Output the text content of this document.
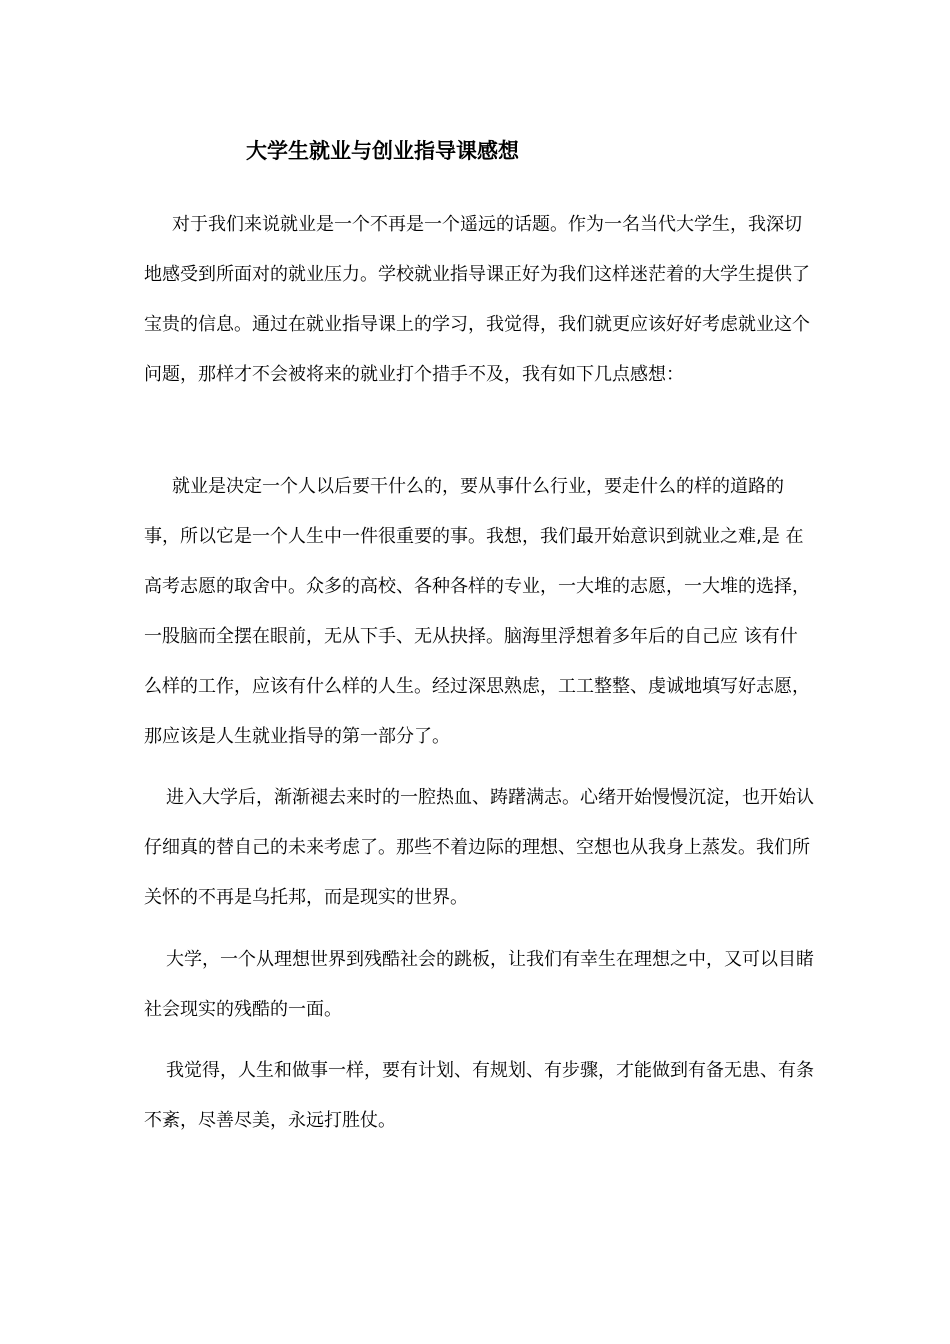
大学生就业与创业指导课感想

对于我们来说就业是一个不再是一个遥远的话题。作为一名当代大学生，我深切地感受到所面对的就业压力。学校就业指导课正好为我们这样迷茫着的大学生提供了宝贵的信息。通过在就业指导课上的学习，我觉得，我们就更应该好好考虑就业这个问题，那样才不会被将来的就业打个措手不及，我有如下几点感想：

就业是决定一个人以后要干什么的，要从事什么行业，要走什么的样的道路的事，所以它是一个人生中一件很重要的事。我想，我们最开始意识到就业之难,是 在高考志愿的取舍中。众多的高校、各种各样的专业，一大堆的志愿，一大堆的选择，一股脑而全摆在眼前，无从下手、无从抉择。脑海里浮想着多年后的自己应 该有什么样的工作，应该有什么样的人生。经过深思熟虑，工工整整、虔诚地填写好志愿，那应该是人生就业指导的第一部分了。

进入大学后，渐渐褪去来时的一腔热血、踌躇满志。心绪开始慢慢沉淀，也开始认仔细真的替自己的未来考虑了。那些不着边际的理想、空想也从我身上蒸发。我们所关怀的不再是乌托邦，而是现实的世界。

大学，一个从理想世界到残酷社会的跳板，让我们有幸生在理想之中，又可以目睹社会现实的残酷的一面。

我觉得，人生和做事一样，要有计划、有规划、有步骤，才能做到有备无患、有条不紊，尽善尽美，永远打胜仗。
